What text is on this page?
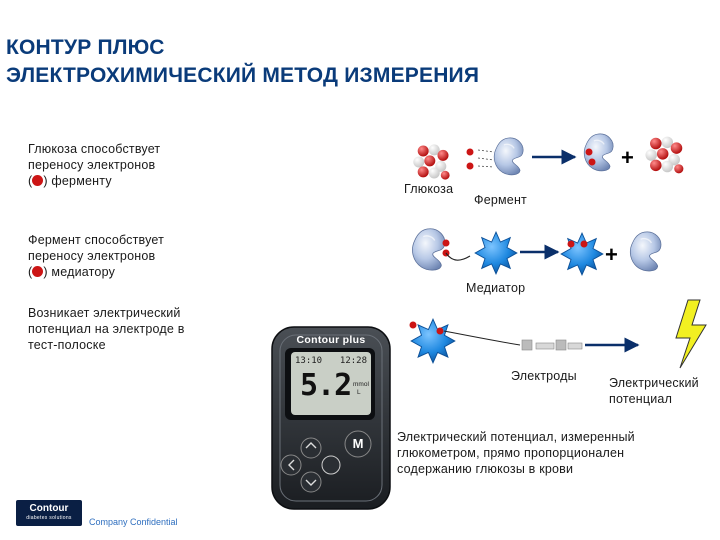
КОНТУР ПЛЮС
ЭЛЕКТРОХИМИЧЕСКИЙ МЕТОД ИЗМЕРЕНИЯ
Глюкоза способствует
переносу электронов
( ) ферменту
Фермент способствует
переносу электронов
( ) медиатору
Возникает электрический
потенциал на электроде в
тест-полоске
+
+
Глюкоза
Фермент
Медиатор
Электроды	Электрический
потенциал
Электрический потенциал, измеренный
глюкометром, прямо пропорционален
содержанию глюкозы в крови
Contour plus
13:10 12:28
5.2 mmol
L
M
Contour
diabetes solutions	Company Confidential
